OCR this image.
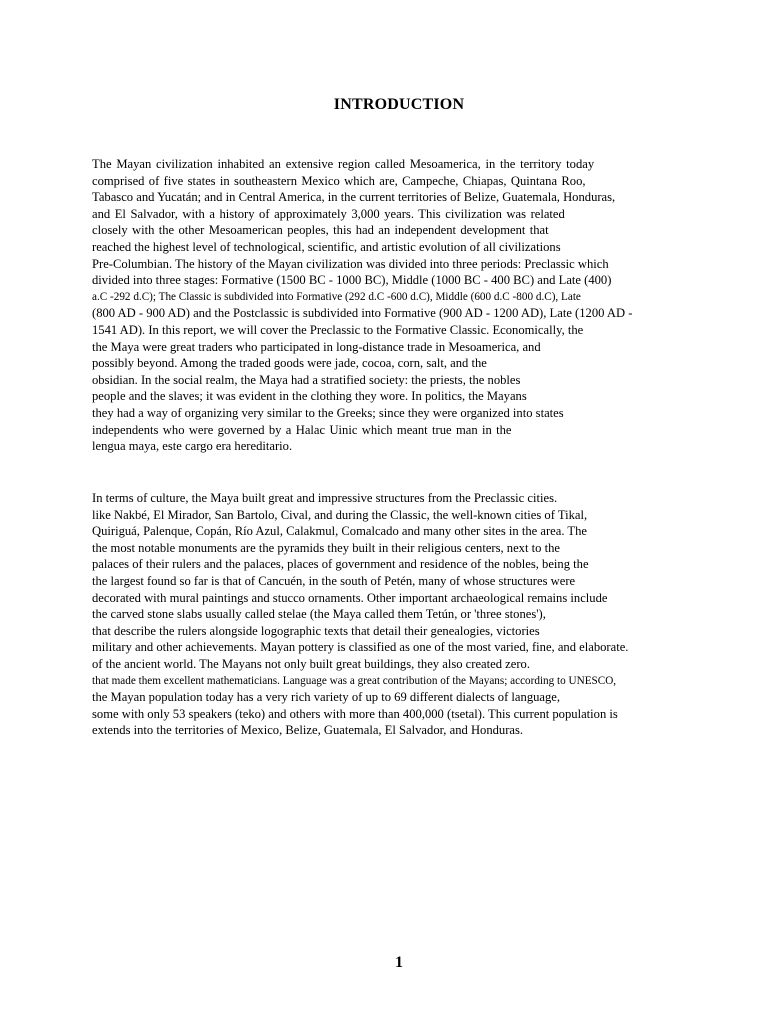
INTRODUCTION
The Mayan civilization inhabited an extensive region called Mesoamerica, in the territory today
comprised of five states in southeastern Mexico which are, Campeche, Chiapas, Quintana Roo,
Tabasco and Yucatán; and in Central America, in the current territories of Belize, Guatemala, Honduras,
and El Salvador, with a history of approximately 3,000 years. This civilization was related
closely with the other Mesoamerican peoples, this had an independent development that
reached the highest level of technological, scientific, and artistic evolution of all civilizations
Pre-Columbian. The history of the Mayan civilization was divided into three periods: Preclassic which
divided into three stages: Formative (1500 BC - 1000 BC), Middle (1000 BC - 400 BC) and Late (400)
a.C -292 d.C); The Classic is subdivided into Formative (292 d.C -600 d.C), Middle (600 d.C -800 d.C), Late
(800 AD - 900 AD) and the Postclassic is subdivided into Formative (900 AD - 1200 AD), Late (1200 AD -
1541 AD). In this report, we will cover the Preclassic to the Formative Classic. Economically, the
the Maya were great traders who participated in long-distance trade in Mesoamerica, and
possibly beyond. Among the traded goods were jade, cocoa, corn, salt, and the
obsidian. In the social realm, the Maya had a stratified society: the priests, the nobles
people and the slaves; it was evident in the clothing they wore. In politics, the Mayans
they had a way of organizing very similar to the Greeks; since they were organized into states
independents who were governed by a Halac Uinic which meant true man in the
lengua maya, este cargo era hereditario.
In terms of culture, the Maya built great and impressive structures from the Preclassic cities.
like Nakbé, El Mirador, San Bartolo, Cival, and during the Classic, the well-known cities of Tikal,
Quiriguá, Palenque, Copán, Río Azul, Calakmul, Comalcado and many other sites in the area. The
the most notable monuments are the pyramids they built in their religious centers, next to the
palaces of their rulers and the palaces, places of government and residence of the nobles, being the
the largest found so far is that of Cancuén, in the south of Petén, many of whose structures were
decorated with mural paintings and stucco ornaments. Other important archaeological remains include
the carved stone slabs usually called stelae (the Maya called them Tetún, or 'three stones'),
that describe the rulers alongside logographic texts that detail their genealogies, victories
military and other achievements. Mayan pottery is classified as one of the most varied, fine, and elaborate.
of the ancient world. The Mayans not only built great buildings, they also created zero.
that made them excellent mathematicians. Language was a great contribution of the Mayans; according to UNESCO,
the Mayan population today has a very rich variety of up to 69 different dialects of language,
some with only 53 speakers (teko) and others with more than 400,000 (tsetal). This current population is
extends into the territories of Mexico, Belize, Guatemala, El Salvador, and Honduras.
1
